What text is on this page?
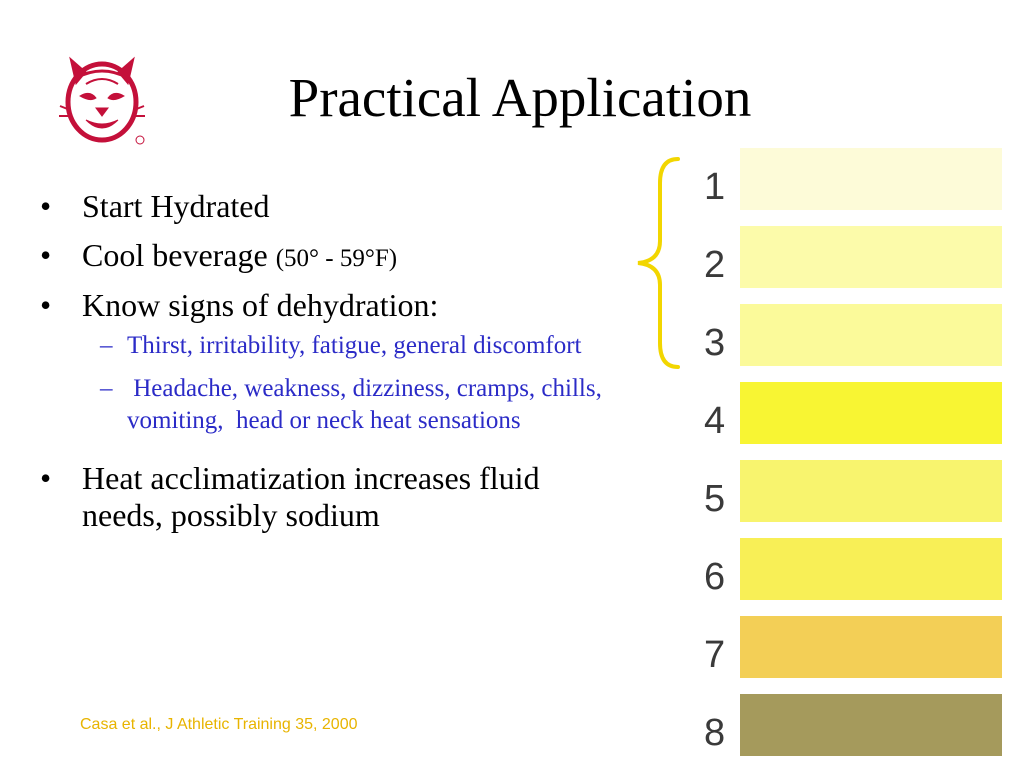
Practical Application
• Start Hydrated
• Cool beverage (50° - 59°F)
• Know signs of dehydration:
– Thirst, irritability, fatigue, general discomfort
– Headache, weakness, dizziness, cramps, chills, vomiting,  head or neck heat sensations
• Heat acclimatization increases fluid needs, possibly sodium
Casa et al., J Athletic Training 35, 2000
1
2
3
4
5
6
7
8
